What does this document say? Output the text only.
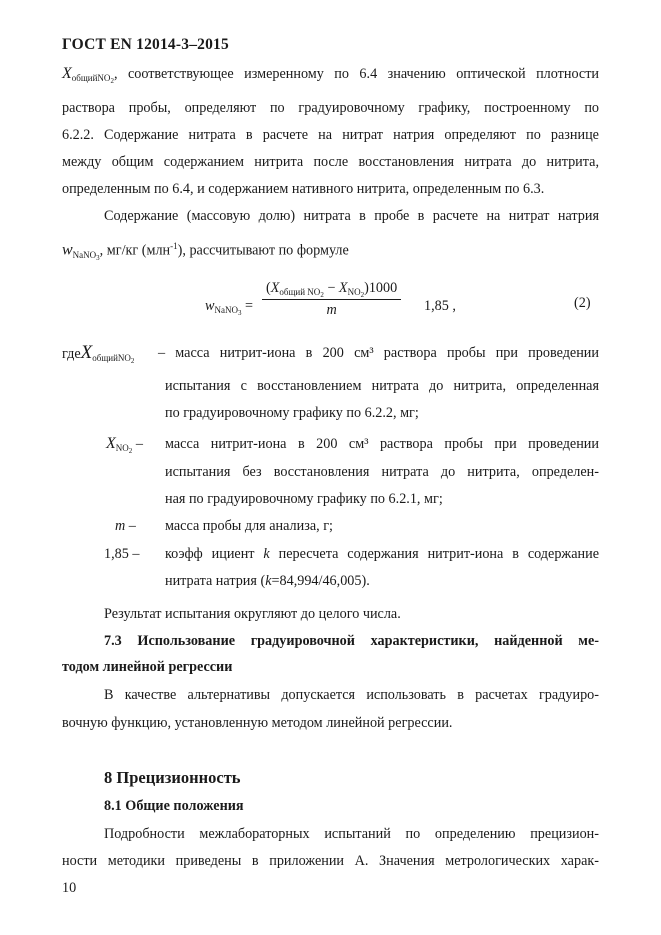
ГОСТ EN 12014-3–2015
$X_{общийNO_2}$, соответствующее измеренному по 6.4 значению оптической плотности
раствора пробы, определяют по градуировочному графику, построенному по
6.2.2. Содержание нитрата в расчете на нитрат натрия определяют по разнице
между общим содержанием нитрита после восстановления нитрата до нитрита,
определенным по 6.4, и содержанием нативного нитрита, определенным по 6.3.
Содержание (массовую долю) нитрата в пробе в расчете на нитрат натрия
$w_{NaNO_3}$, мг/кг (млн$^{-1}$), рассчитывают по формуле
$w_{NaNO_3}$ =
$(X_{общий NO_2} - X_{NO_2})1000$
m	1,85 ,	(2)
гдеX$_{общийNO_2}$ – масса нитрит-иона в 200 см³ раствора пробы при проведении
испытания с восстановлением нитрата до нитрита, определенная
по градуировочному графику по 6.2.2, мг;
$X_{NO_2}$ –	масса нитрит-иона в 200 см³ раствора пробы при проведении
испытания без восстановления нитрата до нитрита, определен-
ная по градуировочному графику по 6.2.1, мг;
m –	масса пробы для анализа, г;
1,85 –	коэфф ициент k пересчета содержания нитрит-иона в содержание
нитрата натрия (k=84,994/46,005).
Результат испытания округляют до целого числа.
7.3 Использование градуировочной характеристики, найденной ме-
тодом линейной регрессии
В качестве альтернативы допускается использовать в расчетах градуиро-
вочную функцию, установленную методом линейной регрессии.
8 Прецизионность
8.1 Общие положения
Подробности межлабораторных испытаний по определению прецизион-
ности методики приведены в приложении А. Значения метрологических харак-
10
